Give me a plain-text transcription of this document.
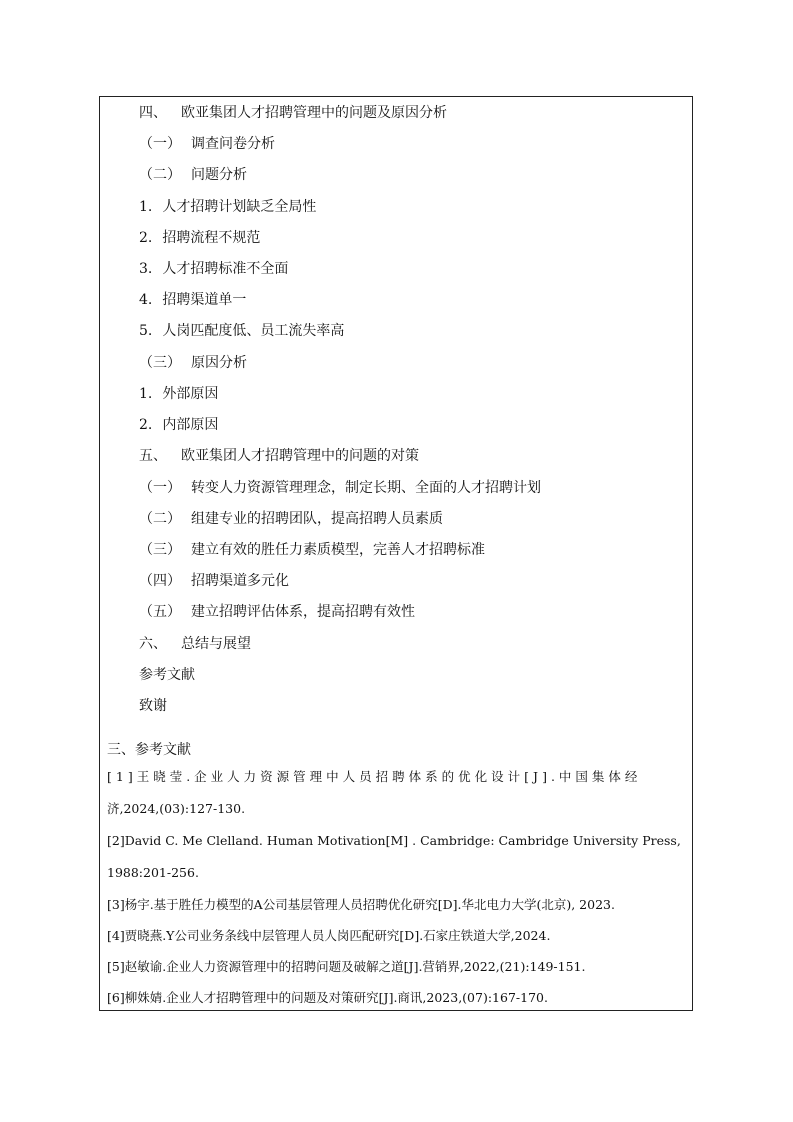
四、 欧亚集团人才招聘管理中的问题及原因分析
（一） 调查问卷分析
（二） 问题分析
1. 人才招聘计划缺乏全局性
2. 招聘流程不规范
3. 人才招聘标准不全面
4. 招聘渠道单一
5. 人岗匹配度低、员工流失率高
（三） 原因分析
1. 外部原因
2. 内部原因
五、 欧亚集团人才招聘管理中的问题的对策
（一） 转变人力资源管理理念，制定长期、全面的人才招聘计划
（二） 组建专业的招聘团队，提高招聘人员素质
（三） 建立有效的胜任力素质模型，完善人才招聘标准
（四） 招聘渠道多元化
（五） 建立招聘评估体系，提高招聘有效性
六、 总结与展望
参考文献
致谢
三、参考文献
[1]王晓莹.企业人力资源管理中人员招聘体系的优化设计[J].中国集体经
济,2024,(03):127-130.
[2]David C. Me Clelland. Human Motivation[M] . Cambridge: Cambridge University Press,
1988:201-256.
[3]杨宇.基于胜任力模型的A公司基层管理人员招聘优化研究[D].华北电力大学(北京), 2023.
[4]贾晓燕.Y公司业务条线中层管理人员人岗匹配研究[D].石家庄铁道大学,2024.
[5]赵敏谕.企业人力资源管理中的招聘问题及破解之道[J].营销界,2022,(21):149-151.
[6]柳姝婧.企业人才招聘管理中的问题及对策研究[J].商讯,2023,(07):167-170.
